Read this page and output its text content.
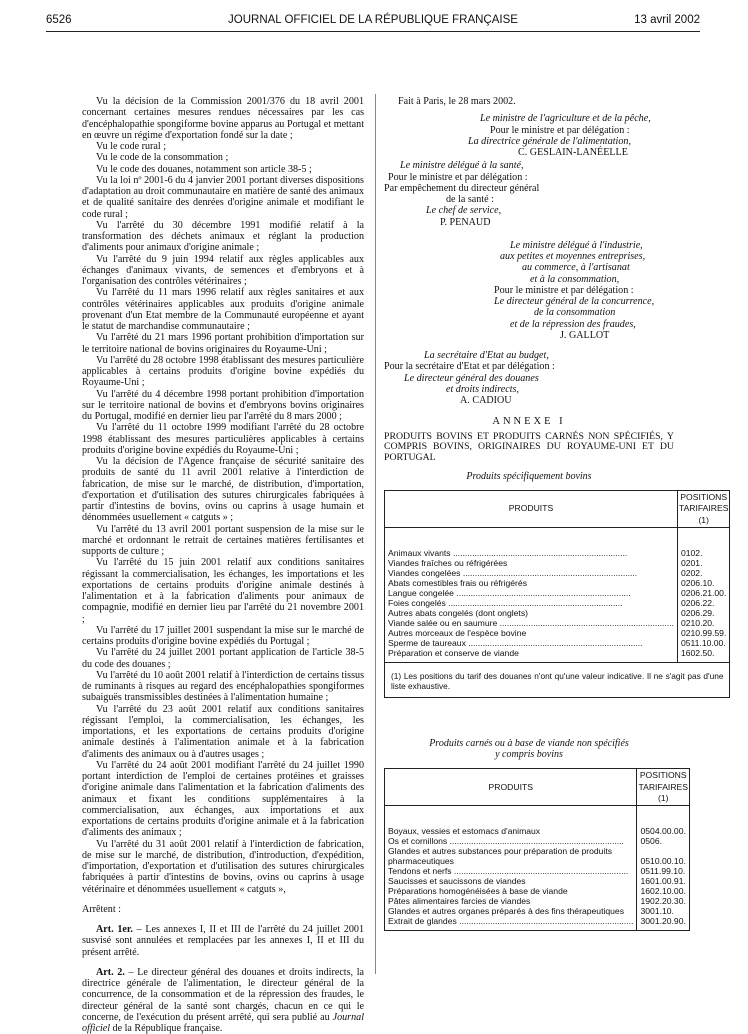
6526	JOURNAL OFFICIEL DE LA RÉPUBLIQUE FRANÇAISE	13 avril 2002

Vu la décision de la Commission 2001/376 du 18 avril 2001 concernant certaines mesures rendues nécessaires par les cas d'encéphalopathie spongiforme bovine apparus au Portugal et mettant en œuvre un régime d'exportation fondé sur la date ;

Vu le code rural ;

Vu le code de la consommation ;

Vu le code des douanes, notamment son article 38-5 ;

Vu la loi nº 2001-6 du 4 janvier 2001 portant diverses dispositions d'adaptation au droit communautaire en matière de santé des animaux et de qualité sanitaire des denrées d'origine animale et modifiant le code rural ;

Vu l'arrêté du 30 décembre 1991 modifié relatif à la transformation des déchets animaux et réglant la production d'aliments pour animaux d'origine animale ;

Vu l'arrêté du 9 juin 1994 relatif aux règles applicables aux échanges d'animaux vivants, de semences et d'embryons et à l'organisation des contrôles vétérinaires ;

Vu l'arrêté du 11 mars 1996 relatif aux règles sanitaires et aux contrôles vétérinaires applicables aux produits d'origine animale provenant d'un Etat membre de la Communauté européenne et ayant le statut de marchandise communautaire ;

Vu l'arrêté du 21 mars 1996 portant prohibition d'importation sur le territoire national de bovins originaires du Royaume-Uni ;

Vu l'arrêté du 28 octobre 1998 établissant des mesures particulière applicables à certains produits d'origine bovine expédiés du Royaume-Uni ;

Vu l'arrêté du 4 décembre 1998 portant prohibition d'importation sur le territoire national de bovins et d'embryons bovins originaires du Portugal, modifié en dernier lieu par l'arrêté du 8 mars 2000 ;

Vu l'arrêté du 11 octobre 1999 modifiant l'arrêté du 28 octobre 1998 établissant des mesures particulières applicables à certains produits d'origine bovine expédiés du Royaume-Uni ;

Vu la décision de l'Agence française de sécurité sanitaire des produits de santé du 11 avril 2001 relative à l'interdiction de fabrication, de mise sur le marché, de distribution, d'importation, d'exportation et d'utilisation des sutures chirurgicales fabriquées à partir d'intestins de bovins, ovins ou caprins à usage humain et dénommées usuellement « catguts » ;

Vu l'arrêté du 13 avril 2001 portant suspension de la mise sur le marché et ordonnant le retrait de certaines matières fertilisantes et supports de culture ;

Vu l'arrêté du 15 juin 2001 relatif aux conditions sanitaires régissant la commercialisation, les échanges, les importations et les exportations de certains produits d'origine animale destinés à l'alimentation et à la fabrication d'aliments pour animaux de compagnie, modifié en dernier lieu par l'arrêté du 21 novembre 2001 ;

Vu l'arrêté du 17 juillet 2001 suspendant la mise sur le marché de certains produits d'origine bovine expédiés du Portugal ;

Vu l'arrêté du 24 juillet 2001 portant application de l'article 38-5 du code des douanes ;

Vu l'arrêté du 10 août 2001 relatif à l'interdiction de certains tissus de ruminants à risques au regard des encéphalopathies spongiformes subaiguës transmissibles destinées à l'alimentation humaine ;

Vu l'arrêté du 23 août 2001 relatif aux conditions sanitaires régissant l'emploi, la commercialisation, les échanges, les importations, et les exportations de certains produits d'origine animale destinés à l'alimentation animale et à la fabrication d'aliments des animaux ou à d'autres usages ;

Vu l'arrêté du 24 août 2001 modifiant l'arrêté du 24 juillet 1990 portant interdiction de l'emploi de certaines protéines et graisses d'origine animale dans l'alimentation et la fabrication d'aliments des animaux et fixant les conditions supplémentaires à la commercialisation, aux échanges, aux importations et aux exportations de certains produits d'origine animale et à la fabrication d'aliments des animaux ;

Vu l'arrêté du 31 août 2001 relatif à l'interdiction de fabrication, de mise sur le marché, de distribution, d'introduction, d'expédition, d'importation, d'exportation et d'utilisation des sutures chirurgicales fabriquées à partir d'intestins de bovins, ovins ou caprins à usage vétérinaire et dénommées usuellement « catguts »,

Arrêtent :

Art. 1er. – Les annexes I, II et III de l'arrêté du 24 juillet 2001 susvisé sont annulées et remplacées par les annexes I, II et III du présent arrêté.

Art. 2. – Le directeur général des douanes et droits indirects, la directrice générale de l'alimentation, le directeur général de la concurrence, de la consommation et de la répression des fraudes, le directeur général de la santé sont chargés, chacun en ce qui le concerne, de l'exécution du présent arrêté, qui sera publié au Journal officiel de la République française.

Fait à Paris, le 28 mars 2002.

Le ministre de l'agriculture et de la pêche,
Pour le ministre et par délégation :
La directrice générale de l'alimentation,
C. GESLAIN-LANÉELLE
Le ministre délégué à la santé,
Pour le ministre et par délégation :
Par empêchement du directeur général
de la santé :
Le chef de service,
P. PENAUD
Le ministre délégué à l'industrie,
aux petites et moyennes entreprises,
au commerce, à l'artisanat
et à la consommation,
Pour le ministre et par délégation :
Le directeur général de la concurrence,
de la consommation
et de la répression des fraudes,
J. GALLOT
La secrétaire d'Etat au budget,
Pour la secrétaire d'Etat et par délégation :
Le directeur général des douanes
et droits indirects,
A. CADIOU
ANNEXE I
PRODUITS BOVINS ET PRODUITS CARNÉS NON SPÉCIFIÉS, Y COMPRIS BOVINS, ORIGINAIRES DU ROYAUME-UNI ET DU PORTUGAL
Produits spécifiquement bovins
PRODUITS	POSITIONS TARIFAIRES (1)

Animaux vivants .....	0102.

Viandes fraîches ou réfrigérées	0201.

Viandes congelées .....	0202.

Abats comestibles frais ou réfrigérés	0206.10.

Langue congelée .....	0206.21.00.

Foies congelés .....	0206.22.

Autres abats congelés (dont onglets)	0206.29.

Viande salée ou en saumure .....	0210.20.

Autres morceaux de l'espèce bovine	0210.99.59.

Sperme de taureaux .....	0511.10.00.

Préparation et conserve de viande	1602.50.
(1) Les positions du tarif des douanes n'ont qu'une valeur indicative. Il ne s'agit pas d'une liste exhaustive.	
Produits carnés ou à base de viande non spécifiés
y compris bovins
PRODUITS	POSITIONS TARIFAIRES (1)

Boyaux, vessies et estomacs d'animaux	0504.00.00.

Os et cornillons .....	0506.

Glandes et autres substances pour préparation de produits pharmaceutiques	0510.00.10.

Tendons et nerfs .....	0511.99.10.

Saucisses et saucissons de viandes	1601.00.91.

Préparations homogénéisées à base de viande	1602.10.00.

Pâtes alimentaires farcies de viandes	1902.20.30.

Glandes et autres organes préparés à des fins thérapeutiques	3001.10.

Extrait de glandes .....	3001.20.90.
